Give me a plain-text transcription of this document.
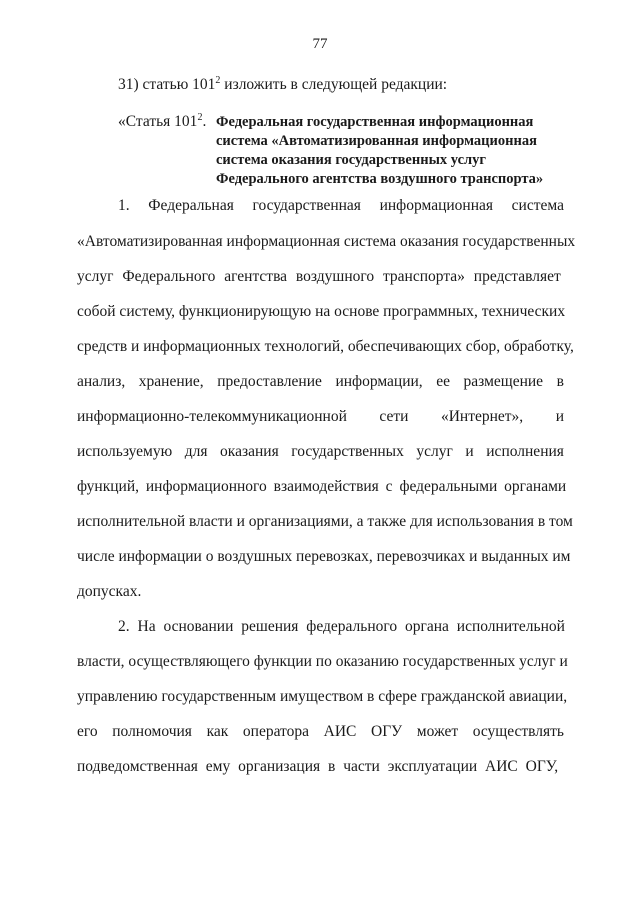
77
31) статью $101^2$ изложить в следующей редакции:
«Статья $101^2$. Федеральная государственная информационная
система «Автоматизированная информационная
система оказания государственных услуг
Федерального агентства воздушного транспорта»
1. Федеральная государственная информационная система
«Автоматизированная информационная система оказания государственных
услуг Федерального агентства воздушного транспорта» представляет
собой систему, функционирующую на основе программных, технических
средств и информационных технологий, обеспечивающих сбор, обработку,
анализ, хранение, предоставление информации, ее размещение в
информационно-телекоммуникационной сети «Интернет», и
используемую для оказания государственных услуг и исполнения
функций, информационного взаимодействия с федеральными органами
исполнительной власти и организациями, а также для использования в том
числе информации о воздушных перевозках, перевозчиках и выданных им
допусках.
2. На основании решения федерального органа исполнительной
власти, осуществляющего функции по оказанию государственных услуг и
управлению государственным имуществом в сфере гражданской авиации,
его полномочия как оператора АИС ОГУ может осуществлять
подведомственная ему организация в части эксплуатации АИС ОГУ,
